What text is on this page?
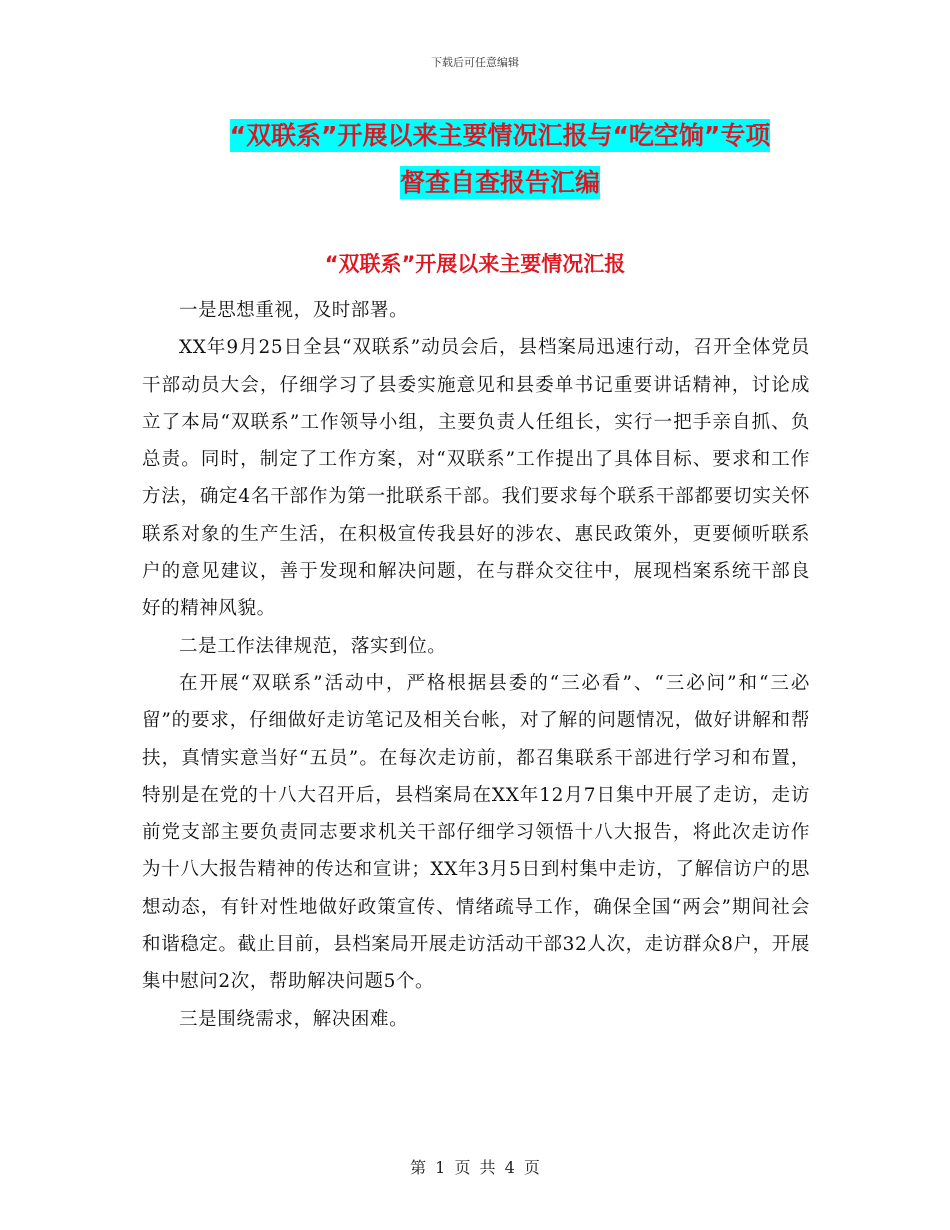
下载后可任意编辑
“双联系”开展以来主要情况汇报与“吃空饷”专项
督查自查报告汇编
“双联系”开展以来主要情况汇报

一是思想重视，及时部署。

XX年9月25日全县“双联系”动员会后，县档案局迅速行动，召开全体党员干部动员大会，仔细学习了县委实施意见和县委单书记重要讲话精神，讨论成立了本局“双联系”工作领导小组，主要负责人任组长，实行一把手亲自抓、负总责。同时，制定了工作方案，对“双联系”工作提出了具体目标、要求和工作方法，确定4名干部作为第一批联系干部。我们要求每个联系干部都要切实关怀联系对象的生产生活，在积极宣传我县好的涉农、惠民政策外，更要倾听联系户的意见建议，善于发现和解决问题，在与群众交往中，展现档案系统干部良好的精神风貌。

二是工作法律规范，落实到位。

在开展“双联系”活动中，严格根据县委的“三必看”、“三必问”和“三必留”的要求，仔细做好走访笔记及相关台帐，对了解的问题情况，做好讲解和帮扶，真情实意当好“五员”。在每次走访前，都召集联系干部进行学习和布置，特别是在党的十八大召开后，县档案局在XX年12月7日集中开展了走访，走访前党支部主要负责同志要求机关干部仔细学习领悟十八大报告，将此次走访作为十八大报告精神的传达和宣讲；XX年3月5日到村集中走访，了解信访户的思想动态，有针对性地做好政策宣传、情绪疏导工作，确保全国“两会”期间社会和谐稳定。截止目前，县档案局开展走访活动干部32人次，走访群众8户，开展集中慰问2次，帮助解决问题5个。

三是围绕需求，解决困难。

第 1 页 共 4 页
